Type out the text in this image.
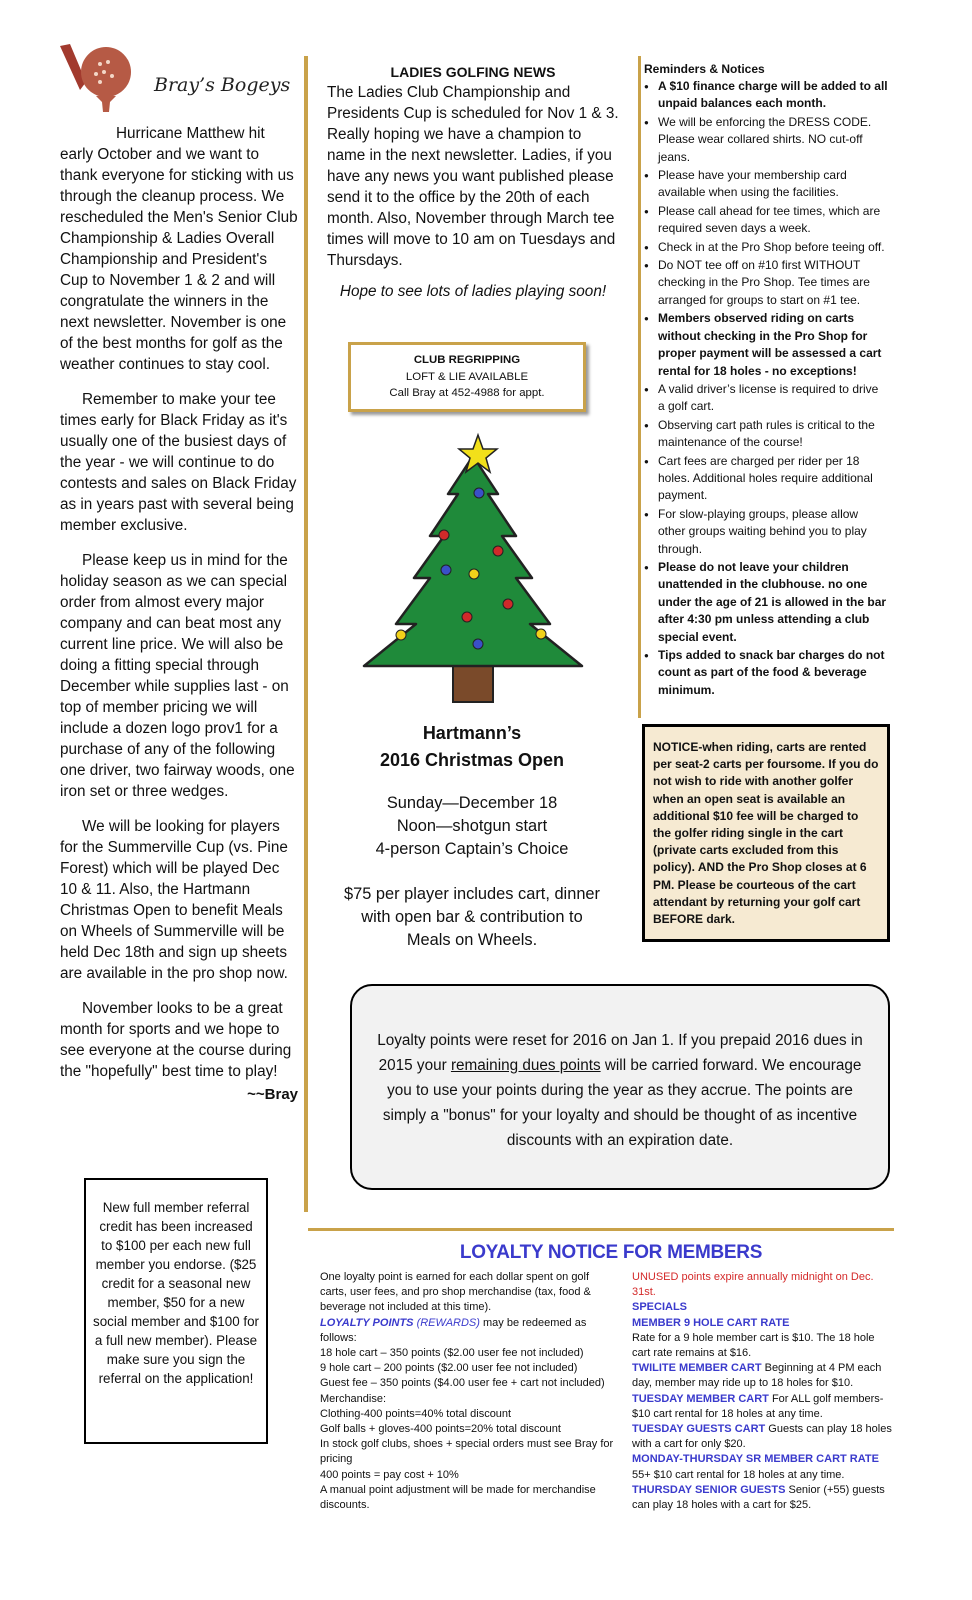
Bray’s Bogeys

Hurricane Matthew hit early October and we want to thank everyone for sticking with us through the cleanup process. We rescheduled the Men's Senior Club Championship & Ladies Overall Championship and President's Cup to November 1 & 2 and will congratulate the winners in the next newsletter. November is one of the best months for golf as the weather continues to stay cool.

Remember to make your tee times early for Black Friday as it's usually one of the busiest days of the year - we will continue to do contests and sales on Black Friday as in years past with several being member exclusive.

Please keep us in mind for the holiday season as we can special order from almost every major company and can beat most any current line price. We will also be doing a fitting special through December while supplies last - on top of member pricing we will include a dozen logo prov1 for a purchase of any of the following one driver, two fairway woods, one iron set or three wedges.

We will be looking for players for the Summerville Cup (vs. Pine Forest) which will be played Dec 10 & 11. Also, the Hartmann Christmas Open to benefit Meals on Wheels of Summerville will be held Dec 18th and sign up sheets are available in the pro shop now.

November looks to be a great month for sports and we hope to see everyone at the course during the "hopefully" best time to play!

~~Bray
New full member referral credit has been increased to $100 per each new full member you endorse. ($25 credit for a seasonal new member, $50 for a new social member and $100 for a full new member). Please make sure you sign the referral on the application!
LADIES GOLFING NEWS
The Ladies Club Championship and Presidents Cup is scheduled for Nov 1 & 3. Really hoping we have a champion to name in the next newsletter. Ladies, if you have any news you want published please send it to the office by the 20th of each month. Also, November through March tee times will move to 10 am on Tuesdays and Thursdays.
Hope to see lots of ladies playing soon!
CLUB REGRIPPING
LOFT & LIE AVAILABLE
Call Bray at 452-4988 for appt.
Hartmann’s
2016 Christmas Open
Sunday—December 18
Noon—shotgun start
4-person Captain’s Choice
$75 per player includes cart, dinner
with open bar & contribution to
Meals on Wheels.
Reminders & Notices
● A $10 finance charge will be added to all unpaid balances each month.
● We will be enforcing the DRESS CODE. Please wear collared shirts. NO cut-off jeans.
● Please have your membership card available when using the facilities.
● Please call ahead for tee times, which are required seven days a week.
● Check in at the Pro Shop before teeing off.
● Do NOT tee off on #10 first WITHOUT checking in the Pro Shop. Tee times are arranged for groups to start on #1 tee.
● Members observed riding on carts without checking in the Pro Shop for proper payment will be assessed a cart rental for 18 holes - no exceptions!
● A valid driver’s license is required to drive a golf cart.
● Observing cart path rules is critical to the maintenance of the course!
● Cart fees are charged per rider per 18 holes. Additional holes require additional payment.
● For slow-playing groups, please allow other groups waiting behind you to play through.
● Please do not leave your children unattended in the clubhouse. no one under the age of 21 is allowed in the bar after 4:30 pm unless attending a club special event.
● Tips added to snack bar charges do not count as part of the food & beverage minimum.
NOTICE-when riding, carts are rented per seat-2 carts per foursome. If you do not wish to ride with another golfer when an open seat is available an additional $10 fee will be charged to the golfer riding single in the cart (private carts excluded from this policy). AND the Pro Shop closes at 6 PM. Please be courteous of the cart attendant by returning your golf cart BEFORE dark.
Loyalty points were reset for 2016 on Jan 1. If you prepaid 2016 dues in 2015 your remaining dues points will be carried forward. We encourage you to use your points during the year as they accrue. The points are simply a "bonus" for your loyalty and should be thought of as incentive discounts with an expiration date.
LOYALTY NOTICE FOR MEMBERS
One loyalty point is earned for each dollar spent on golf carts, user fees, and pro shop merchandise (tax, food & beverage not included at this time).
LOYALTY POINTS (REWARDS) may be redeemed as follows:
18 hole cart – 350 points ($2.00 user fee not included)
9 hole cart – 200 points ($2.00 user fee not included)
Guest fee – 350 points ($4.00 user fee + cart not included)
Merchandise:
Clothing-400 points=40% total discount
Golf balls + gloves-400 points=20% total discount
In stock golf clubs, shoes + special orders must see Bray for pricing
400 points = pay cost + 10%
A manual point adjustment will be made for merchandise discounts.
UNUSED points expire annually midnight on Dec. 31st.
SPECIALS
MEMBER 9 HOLE CART RATE
Rate for a 9 hole member cart is $10. The 18 hole cart rate remains at $16.
TWILITE MEMBER CART Beginning at 4 PM each day, member may ride up to 18 holes for $10.
TUESDAY MEMBER CART For ALL golf members- $10 cart rental for 18 holes at any time.
TUESDAY GUESTS CART Guests can play 18 holes with a cart for only $20.
MONDAY-THURSDAY SR MEMBER CART RATE 55+ $10 cart rental for 18 holes at any time.
THURSDAY SENIOR GUESTS Senior (+55) guests can play 18 holes with a cart for $25.
